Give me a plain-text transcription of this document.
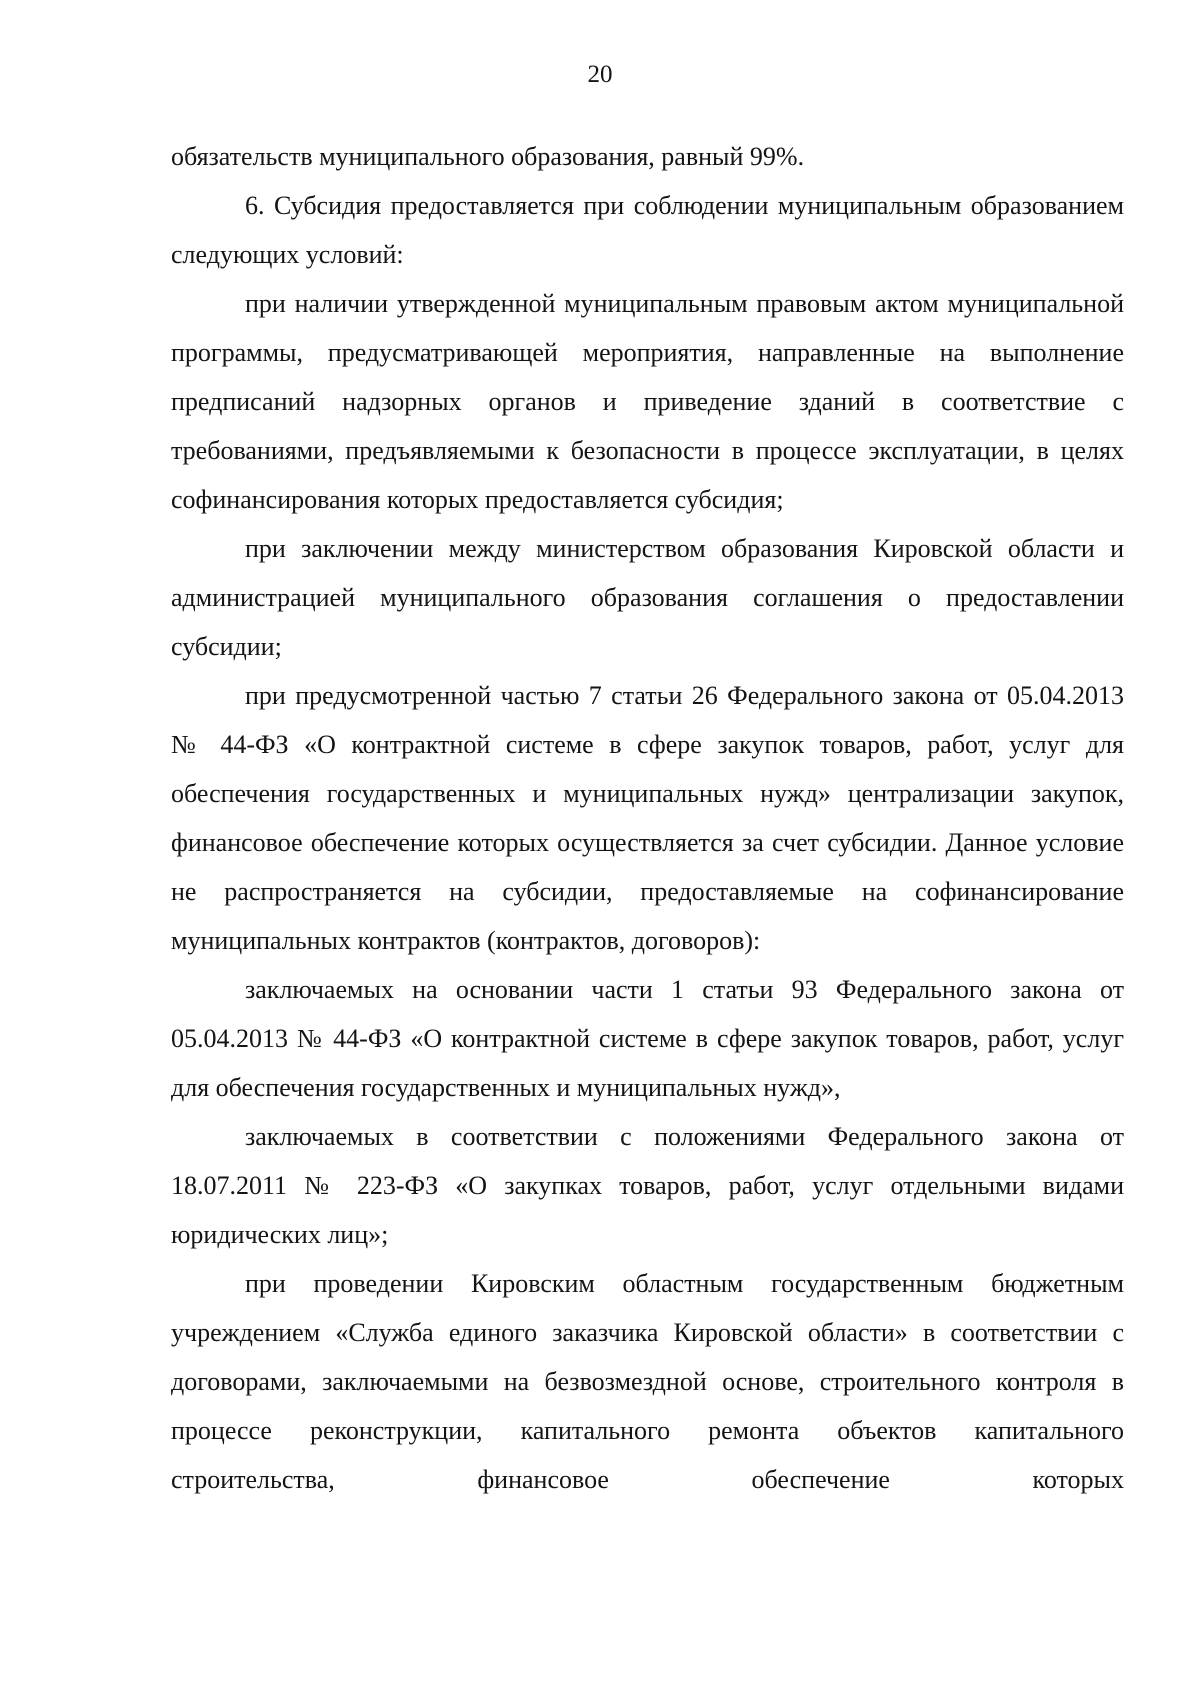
20

обязательств муниципального образования, равный 99%.

6. Субсидия предоставляется при соблюдении муниципальным образованием следующих условий:

при наличии утвержденной муниципальным правовым актом муниципальной программы, предусматривающей мероприятия, направленные на выполнение предписаний надзорных органов и приведение зданий в соответствие с требованиями, предъявляемыми к безопасности в процессе эксплуатации, в целях софинансирования которых предоставляется субсидия;

при заключении между министерством образования Кировской области и администрацией муниципального образования соглашения о предоставлении субсидии;

при предусмотренной частью 7 статьи 26 Федерального закона от 05.04.2013 № 44-ФЗ «О контрактной системе в сфере закупок товаров, работ, услуг для обеспечения государственных и муниципальных нужд» централизации закупок, финансовое обеспечение которых осуществляется за счет субсидии. Данное условие не распространяется на субсидии, предоставляемые на софинансирование муниципальных контрактов (контрактов, договоров):

заключаемых на основании части 1 статьи 93 Федерального закона от 05.04.2013 № 44-ФЗ «О контрактной системе в сфере закупок товаров, работ, услуг для обеспечения государственных и муниципальных нужд»,

заключаемых в соответствии с положениями Федерального закона от 18.07.2011 № 223-ФЗ «О закупках товаров, работ, услуг отдельными видами юридических лиц»;

при проведении Кировским областным государственным бюджетным учреждением «Служба единого заказчика Кировской области» в соответствии с договорами, заключаемыми на безвозмездной основе, строительного контроля в процессе реконструкции, капитального ремонта объектов капитального строительства, финансовое обеспечение которых
